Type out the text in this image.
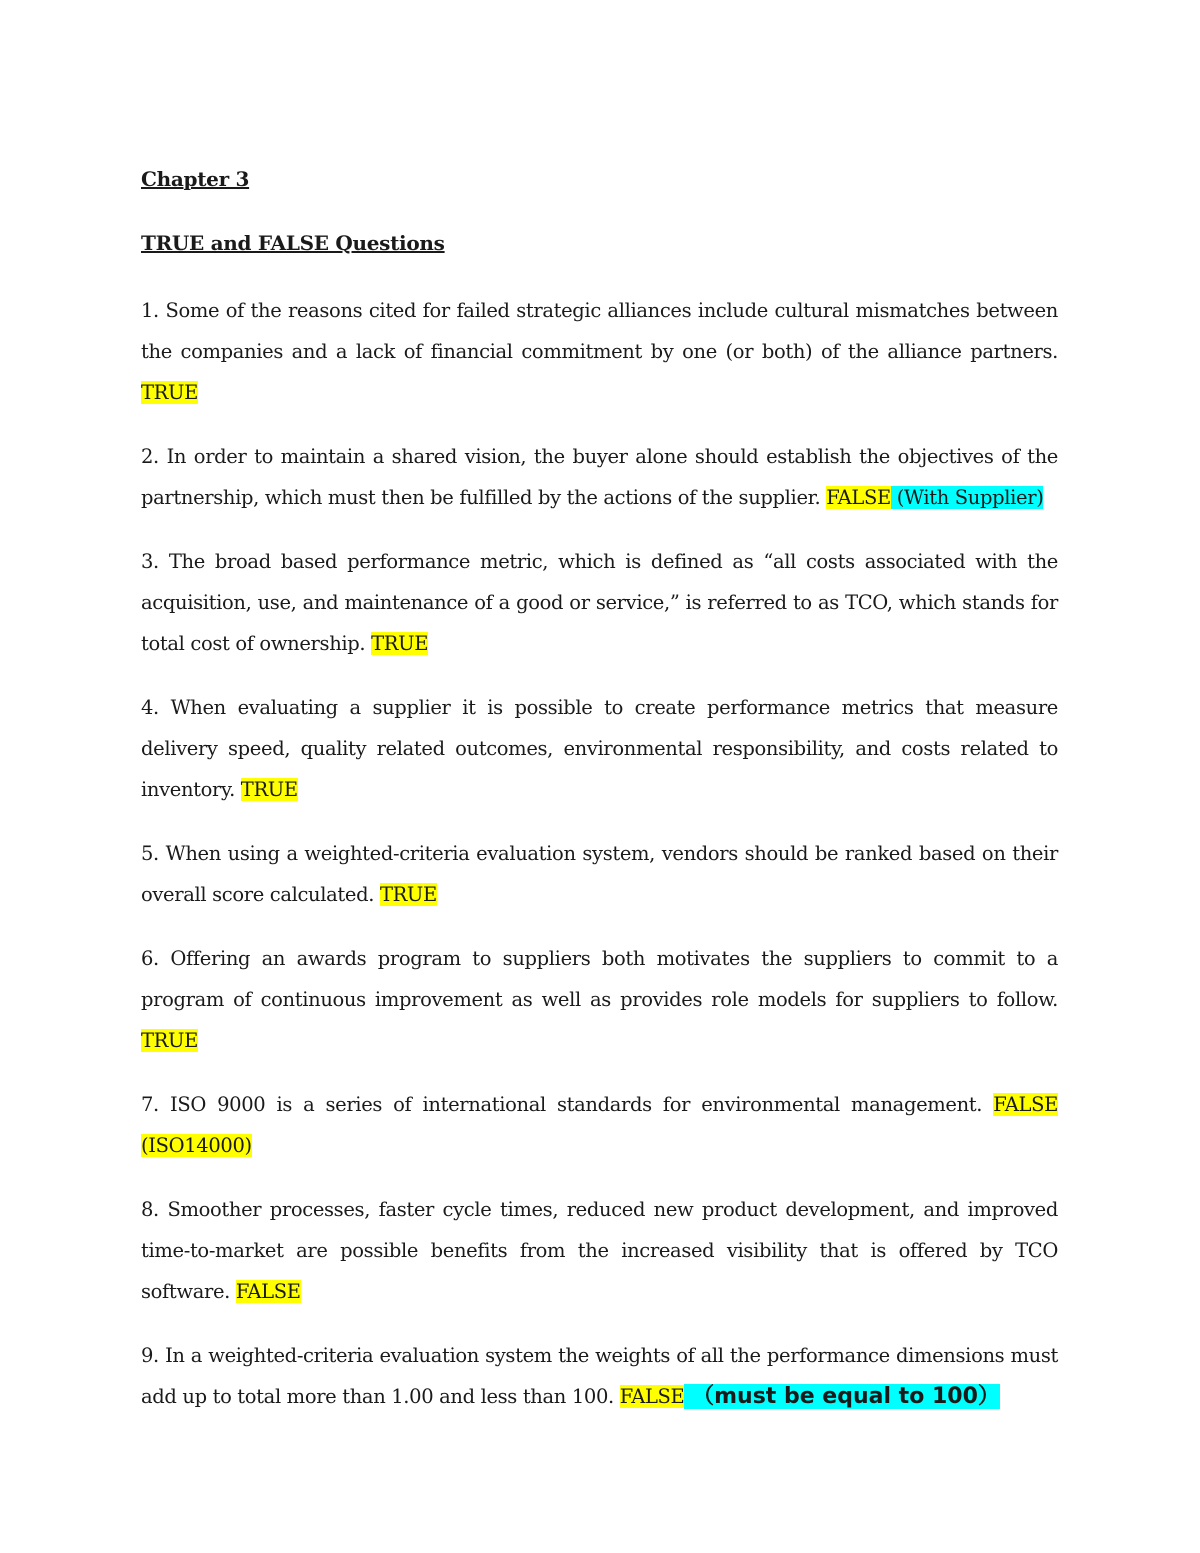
Chapter 3

TRUE and FALSE Questions

1. Some of the reasons cited for failed strategic alliances include cultural mismatches between the companies and a lack of financial commitment by one (or both) of the alliance partners. TRUE

2. In order to maintain a shared vision, the buyer alone should establish the objectives of the partnership, which must then be fulfilled by the actions of the supplier. FALSE (With Supplier)

3. The broad based performance metric, which is defined as “all costs associated with the acquisition, use, and maintenance of a good or service,” is referred to as TCO, which stands for total cost of ownership. TRUE

4. When evaluating a supplier it is possible to create performance metrics that measure delivery speed, quality related outcomes, environmental responsibility, and costs related to inventory. TRUE

5. When using a weighted-criteria evaluation system, vendors should be ranked based on their overall score calculated. TRUE

6. Offering an awards program to suppliers both motivates the suppliers to commit to a program of continuous improvement as well as provides role models for suppliers to follow. TRUE

7. ISO 9000 is a series of international standards for environmental management. FALSE (ISO14000)

8. Smoother processes, faster cycle times, reduced new product development, and improved time-to-market are possible benefits from the increased visibility that is offered by TCO software. FALSE

9. In a weighted-criteria evaluation system the weights of all the performance dimensions must add up to total more than 1.00 and less than 100. FALSE （must be equal to 100）
